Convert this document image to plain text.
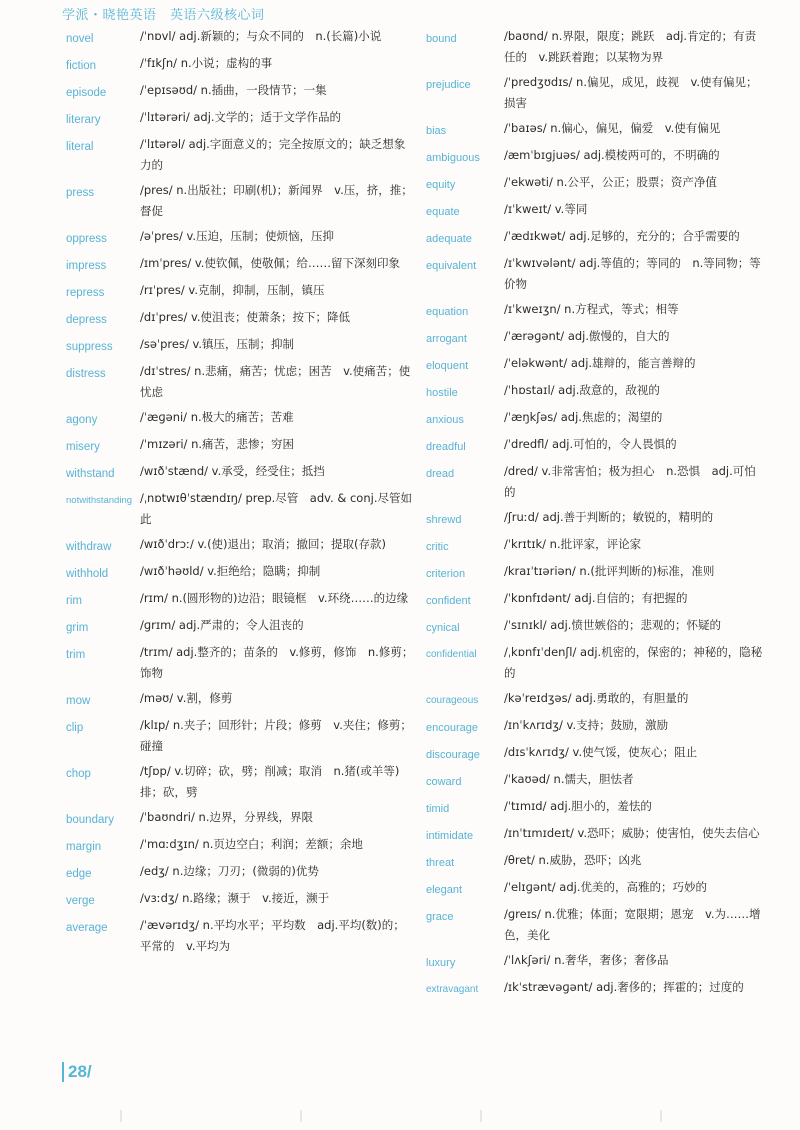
学派・晓艳英语　英语六级核心词
novel	/ˈnɒvl/ adj.新颖的；与众不同的　n.(长篇)小说
fiction	/ˈfɪkʃn/ n.小说；虚构的事
episode	/ˈepɪsəʊd/ n.插曲，一段情节；一集
literary	/ˈlɪtərəri/ adj.文学的；适于文学作品的
literal	/ˈlɪtərəl/ adj.字面意义的；完全按原文的；缺乏想象力的
press	/pres/ n.出版社；印刷(机)；新闻界　v.压，挤，推；督促
oppress	/əˈpres/ v.压迫，压制；使烦恼，压抑
impress	/ɪmˈpres/ v.使钦佩，使敬佩；给……留下深刻印象
repress	/rɪˈpres/ v.克制，抑制，压制，镇压
depress	/dɪˈpres/ v.使沮丧；使萧条；按下；降低
suppress	/səˈpres/ v.镇压，压制；抑制
distress	/dɪˈstres/ n.悲痛，痛苦；忧虑；困苦　v.使痛苦；使忧虑
agony	/ˈæɡəni/ n.极大的痛苦；苦难
misery	/ˈmɪzəri/ n.痛苦，悲惨；穷困
withstand	/wɪðˈstænd/ v.承受，经受住；抵挡
notwithstanding /ˌnɒtwɪθˈstændɪŋ/ prep.尽管　adv. & conj.尽管如此
withdraw	/wɪðˈdrɔː/ v.(使)退出；取消；撤回；提取(存款)
withhold	/wɪðˈhəʊld/ v.拒绝给；隐瞒；抑制
rim	/rɪm/ n.(圆形物的)边沿；眼镜框　v.环绕……的边缘
grim	/ɡrɪm/ adj.严肃的；令人沮丧的
trim	/trɪm/ adj.整齐的；苗条的　v.修剪，修饰　n.修剪；饰物
mow	/məʊ/ v.割，修剪
clip	/klɪp/ n.夹子；回形针；片段；修剪　v.夹住；修剪；碰撞
chop	/tʃɒp/ v.切碎；砍，劈；削减；取消　n.猪(或羊等)排；砍，劈
boundary	/ˈbaʊndri/ n.边界，分界线，界限
margin	/ˈmɑːdʒɪn/ n.页边空白；利润；差额；余地
edge	/edʒ/ n.边缘；刀刃；(微弱的)优势
verge	/vɜːdʒ/ n.路缘；濒于　v.接近，濒于
average	/ˈævərɪdʒ/ n.平均水平；平均数　adj.平均(数)的；平常的　v.平均为
bound	/baʊnd/ n.界限，限度；跳跃　adj.肯定的；有责任的　v.跳跃着跑；以某物为界
prejudice	/ˈpredʒʊdɪs/ n.偏见，成见，歧视　v.使有偏见；损害
bias	/ˈbaɪəs/ n.偏心，偏见，偏爱　v.使有偏见
ambiguous	/æmˈbɪɡjuəs/ adj.模棱两可的，不明确的
equity	/ˈekwəti/ n.公平，公正；股票；资产净值
equate	/ɪˈkweɪt/ v.等同
adequate	/ˈædɪkwət/ adj.足够的，充分的；合乎需要的
equivalent	/ɪˈkwɪvələnt/ adj.等值的；等同的　n.等同物；等价物
equation	/ɪˈkweɪʒn/ n.方程式，等式；相等
arrogant	/ˈærəɡənt/ adj.傲慢的，自大的
eloquent	/ˈeləkwənt/ adj.雄辩的，能言善辩的
hostile	/ˈhɒstaɪl/ adj.敌意的，敌视的
anxious	/ˈæŋkʃəs/ adj.焦虑的；渴望的
dreadful	/ˈdredfl/ adj.可怕的，令人畏惧的
dread	/dred/ v.非常害怕；极为担心　n.恐惧　adj.可怕的
shrewd	/ʃruːd/ adj.善于判断的；敏锐的，精明的
critic	/ˈkrɪtɪk/ n.批评家，评论家
criterion	/kraɪˈtɪəriən/ n.(批评判断的)标准，准则
confident	/ˈkɒnfɪdənt/ adj.自信的；有把握的
cynical	/ˈsɪnɪkl/ adj.愤世嫉俗的；悲观的；怀疑的
confidential	/ˌkɒnfɪˈdenʃl/ adj.机密的，保密的；神秘的，隐秘的
courageous	/kəˈreɪdʒəs/ adj.勇敢的，有胆量的
encourage	/ɪnˈkʌrɪdʒ/ v.支持；鼓励，激励
discourage	/dɪsˈkʌrɪdʒ/ v.使气馁，使灰心；阻止
coward	/ˈkaʊəd/ n.懦夫，胆怯者
timid	/ˈtɪmɪd/ adj.胆小的，羞怯的
intimidate	/ɪnˈtɪmɪdeɪt/ v.恐吓；威胁；使害怕，使失去信心
threat	/θret/ n.威胁，恐吓；凶兆
elegant	/ˈelɪɡənt/ adj.优美的，高雅的；巧妙的
grace	/ɡreɪs/ n.优雅；体面；宽限期；恩宠　v.为……增色，美化
luxury	/ˈlʌkʃəri/ n.奢华，奢侈；奢侈品
extravagant	/ɪkˈstrævəɡənt/ adj.奢侈的；挥霍的；过度的
28/
